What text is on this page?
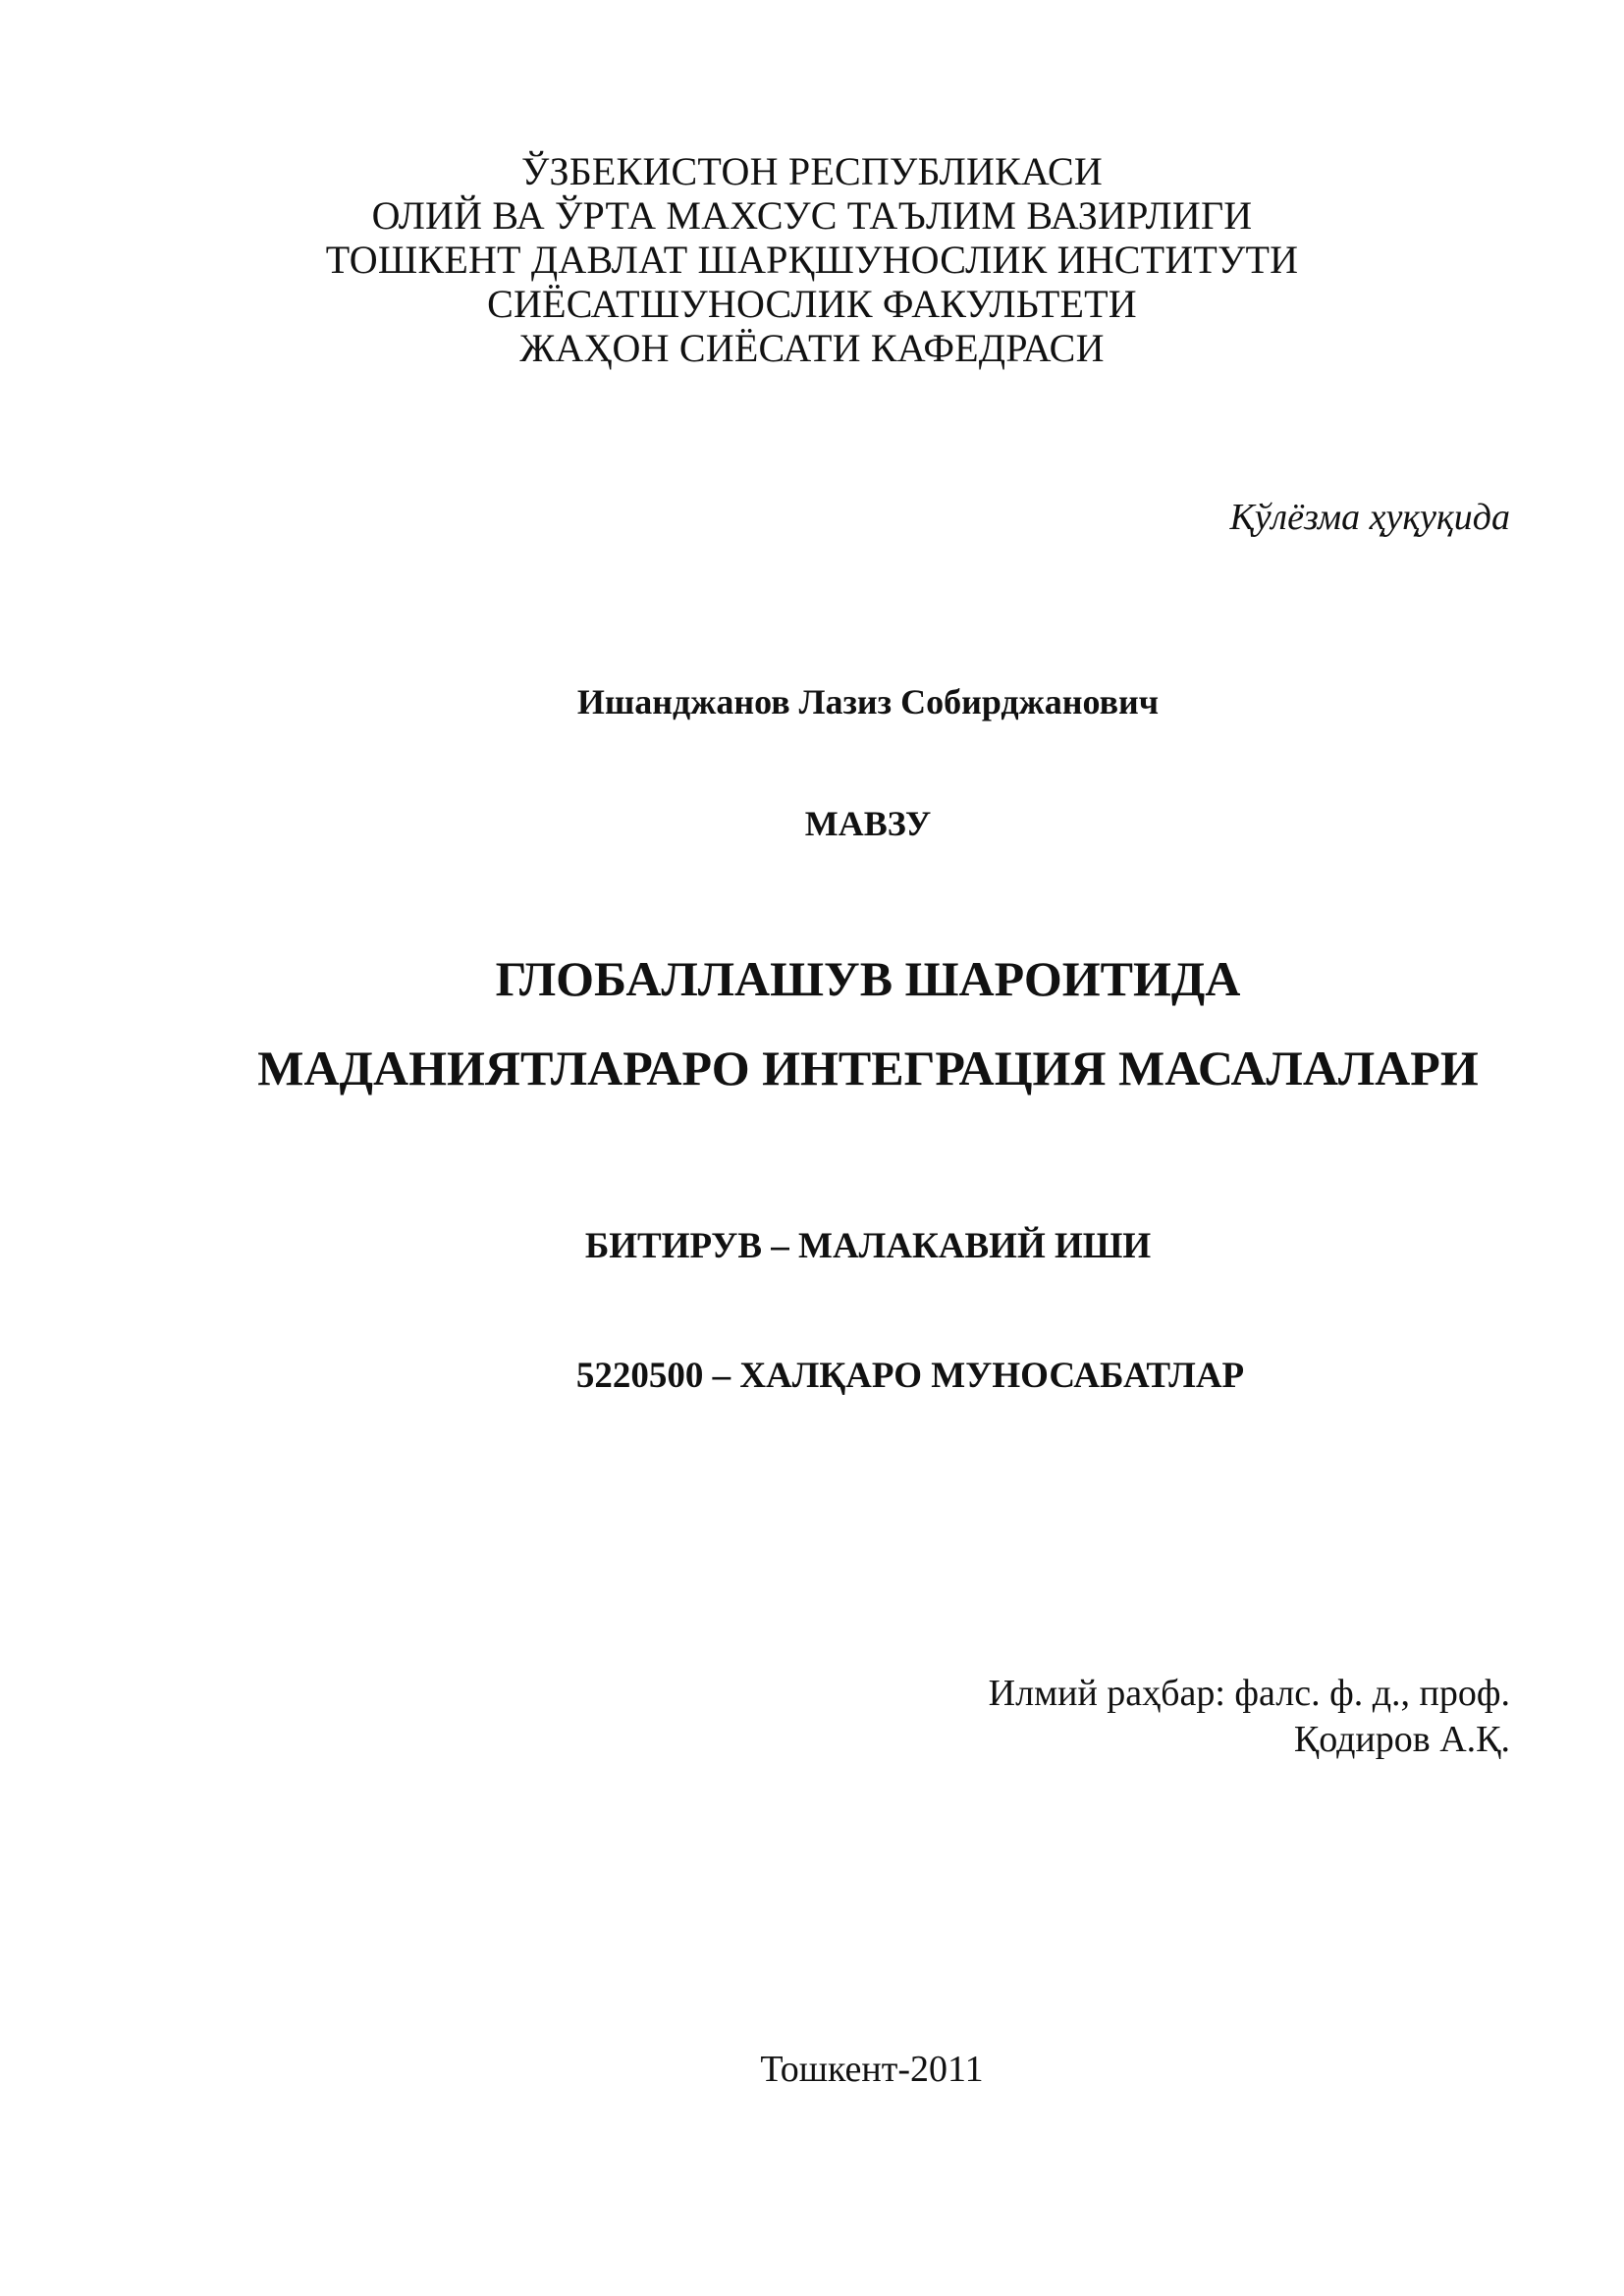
ЎЗБЕКИСТОН РЕСПУБЛИКАСИ
ОЛИЙ ВА ЎРТА МАХСУС ТАЪЛИМ ВАЗИРЛИГИ
ТОШКЕНТ ДАВЛАТ ШАРҚШУНОСЛИК ИНСТИТУТИ
СИЁСАТШУНОСЛИК ФАКУЛЬТЕТИ
ЖАҲОН СИЁСАТИ КАФЕДРАСИ
Қўлёзма ҳуқуқида
Ишанджанов Лазиз Собирджанович
МАВЗУ
ГЛОБАЛЛАШУВ ШАРОИТИДА
МАДАНИЯТЛАРАРО ИНТЕГРАЦИЯ МАСАЛАЛАРИ
БИТИРУВ – МАЛАКАВИЙ ИШИ
5220500 – ХАЛҚАРО МУНОСАБАТЛАР
Илмий раҳбар: фалс. ф. д., проф.
Қодиров А.Қ.
Тошкент-2011
